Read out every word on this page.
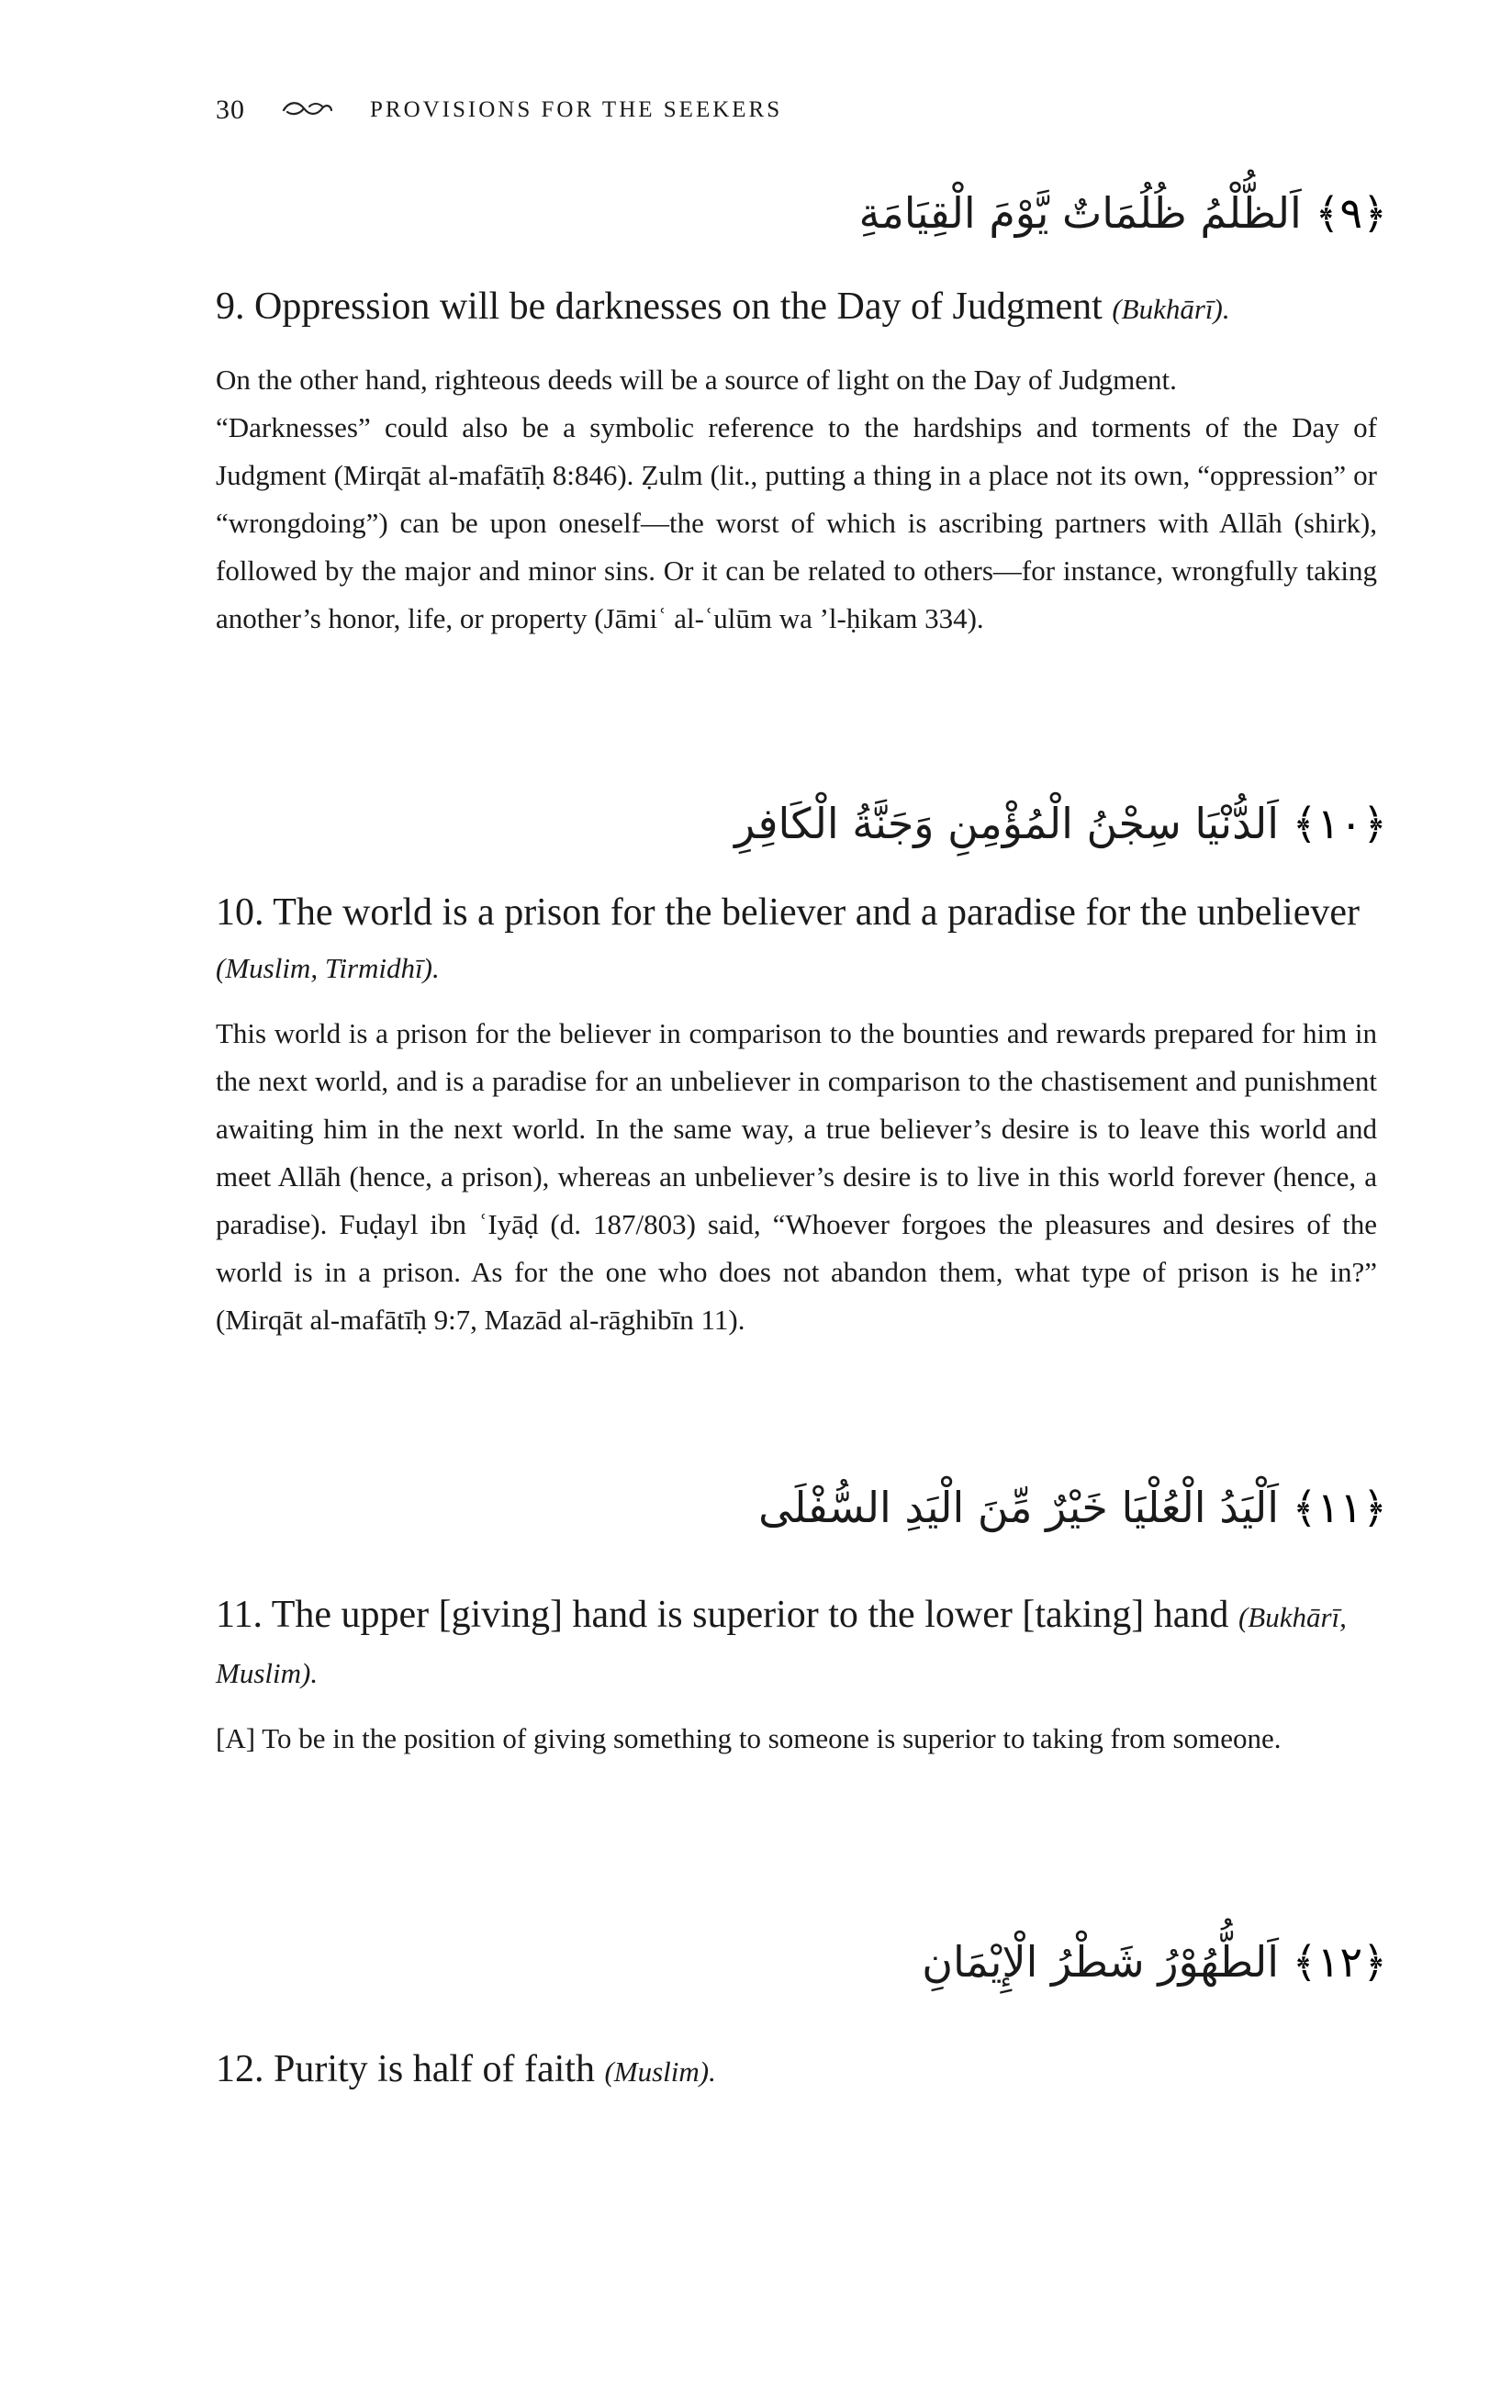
30	PROVISIONS FOR THE SEEKERS
﴿٩﴾ اَلظُّلْمُ ظُلُمَاتٌ يَّوْمَ الْقِيَامَةِ
9. Oppression will be darknesses on the Day of Judgment (Bukhārī).
On the other hand, righteous deeds will be a source of light on the Day of Judgment.
“Darknesses” could also be a symbolic reference to the hardships and torments of the Day of Judgment (Mirqāt al-mafātīḥ 8:846). Ẓulm (lit., putting a thing in a place not its own, “oppression” or “wrongdoing”) can be upon oneself—the worst of which is ascribing partners with Allāh (shirk), followed by the major and minor sins. Or it can be related to others—for instance, wrongfully taking another’s honor, life, or property (Jāmiʿ al-ʿulūm wa ’l-ḥikam 334).
﴿١٠﴾ اَلدُّنْيَا سِجْنُ الْمُؤْمِنِ وَجَنَّةُ الْكَافِرِ
10. The world is a prison for the believer and a paradise for the unbeliever (Muslim, Tirmidhī).
This world is a prison for the believer in comparison to the bounties and rewards prepared for him in the next world, and is a paradise for an unbeliever in comparison to the chastisement and punishment awaiting him in the next world. In the same way, a true believer’s desire is to leave this world and meet Allāh (hence, a prison), whereas an unbeliever’s desire is to live in this world forever (hence, a paradise). Fuḍayl ibn ʿIyāḍ (d. 187/803) said, “Whoever forgoes the pleasures and desires of the world is in a prison. As for the one who does not abandon them, what type of prison is he in?” (Mirqāt al-mafātīḥ 9:7, Mazād al-rāghibīn 11).
﴿١١﴾ اَلْيَدُ الْعُلْيَا خَيْرٌ مِّنَ الْيَدِ السُّفْلَى
11. The upper [giving] hand is superior to the lower [taking] hand (Bukhārī, Muslim).
[A] To be in the position of giving something to someone is superior to taking from someone.
﴿١٢﴾ اَلطُّهُوْرُ شَطْرُ الْإِيْمَانِ
12. Purity is half of faith (Muslim).
